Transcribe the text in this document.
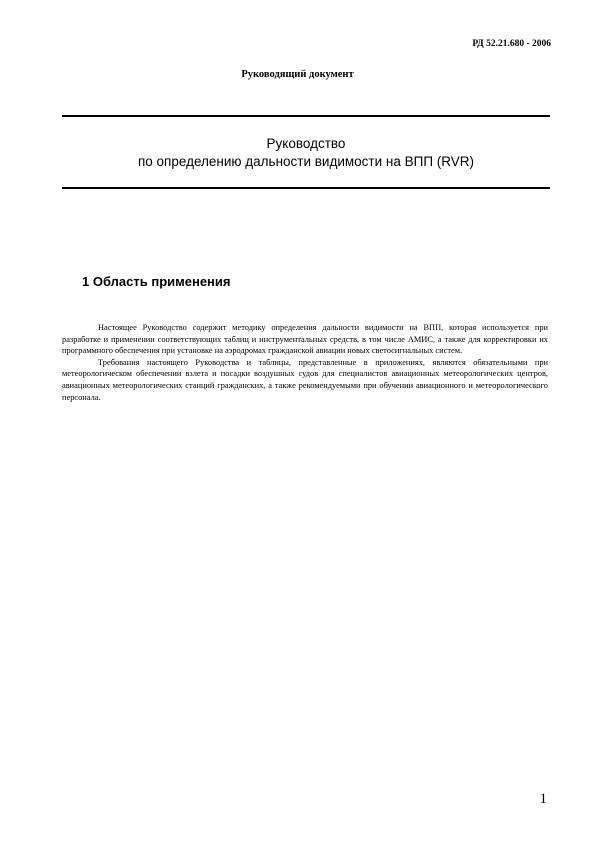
РД 52.21.680 - 2006
Руководящий документ
Руководство
по определению дальности видимости на ВПП (RVR)
1 Область применения

Настоящее Руководство содержит методику определения дальности видимости на ВПП, которая используется при разработке и применении соответствующих таблиц и инструментальных средств, в том числе АМИС, а также для корректировки их программного обеспечения при установке на аэродромах гражданской авиации новых светосигнальных систем.

Требования настоящего Руководства и таблицы, представленные в приложениях, являются обязательными при метеорологическом обеспечении взлета и посадки воздушных судов для специалистов авиационных метеорологических центров, авиационных метеорологических станций гражданских, а также рекомендуемыми при обучении авиационного и метеорологического персонала.

1
